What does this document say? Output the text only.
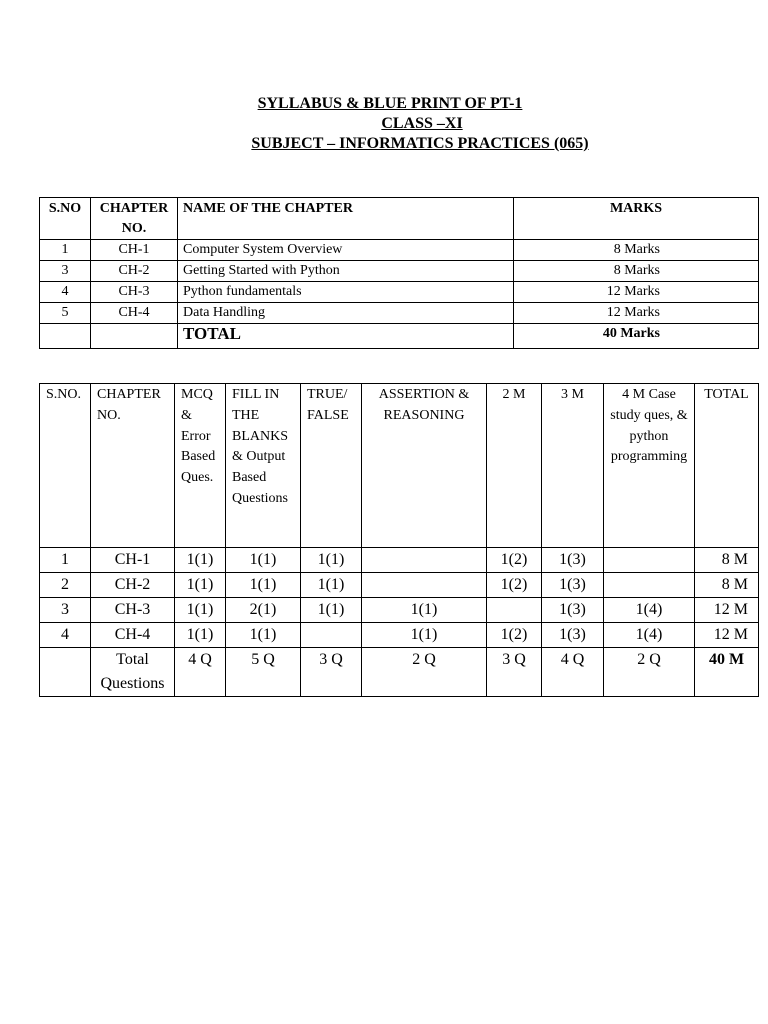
SYLLABUS & BLUE PRINT OF PT-1
CLASS –XI
SUBJECT – INFORMATICS PRACTICES (065)
S.NO	CHAPTER NO.	NAME OF THE CHAPTER	MARKS
1	CH-1	Computer System Overview	8 Marks
3	CH-2	Getting Started with Python	8 Marks
4	CH-3	Python fundamentals	12 Marks
5	CH-4	Data Handling	12 Marks
		TOTAL	40 Marks
S.NO.	CHAPTER NO.	MCQ & Error Based Ques.	FILL IN THE BLANKS & Output Based Questions	TRUE/ FALSE	ASSERTION & REASONING	2 M	3 M	4 M Case study ques, & python programming	TOTAL
1	CH-1	1(1)	1(1)	1(1)		1(2)	1(3)		8 M
2	CH-2	1(1)	1(1)	1(1)		1(2)	1(3)		8 M
3	CH-3	1(1)	2(1)	1(1)	1(1)		1(3)	1(4)	12 M
4	CH-4	1(1)	1(1)		1(1)	1(2)	1(3)	1(4)	12 M
	Total Questions	4 Q	5 Q	3 Q	2 Q	3 Q	4 Q	2 Q	40 M
